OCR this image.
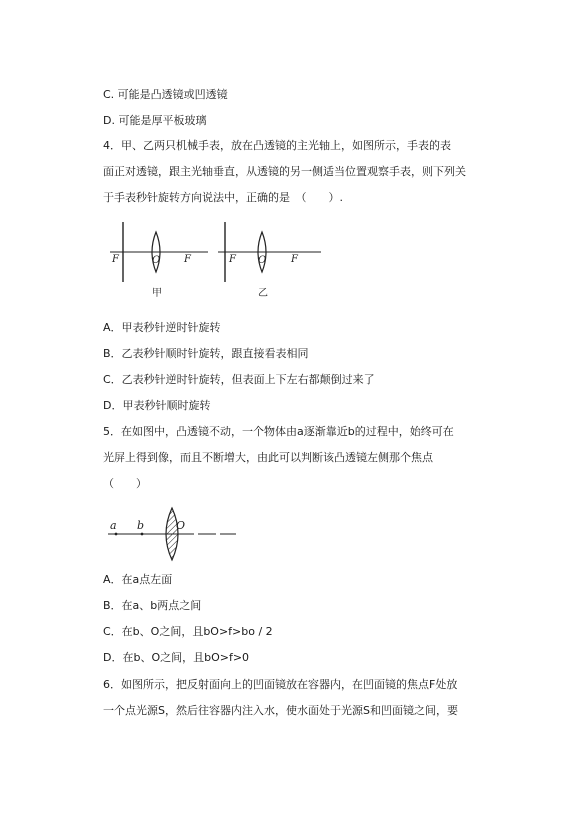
C. 可能是凸透镜或凹透镜
D. 可能是厚平板玻璃
4．甲、乙两只机械手表，放在凸透镜的主光轴上，如图所示，手表的表
面正对透镜，跟主光轴垂直，从透镜的另一侧适当位置观察手表，则下列关
于手表秒针旋转方向说法中，正确的是　（　　）.
F	O F
甲
F O F
乙
A．甲表秒针逆时针旋转
B．乙表秒针顺时针旋转，跟直接看表相同
C．乙表秒针逆时针旋转，但表面上下左右都颠倒过来了
D．甲表秒针顺时旋转
5．在如图中，凸透镜不动，一个物体由a逐渐靠近b的过程中，始终可在
光屏上得到像，而且不断增大，由此可以判断该凸透镜左侧那个焦点
（　　）
a b	O
A．在a点左面
B．在a、b两点之间
C．在b、O之间，且bO>f>bo / 2
D．在b、O之间，且bO>f>0
6．如图所示，把反射面向上的凹面镜放在容器内，在凹面镜的焦点F处放
一个点光源S，然后往容器内注入水，使水面处于光源S和凹面镜之间，要
